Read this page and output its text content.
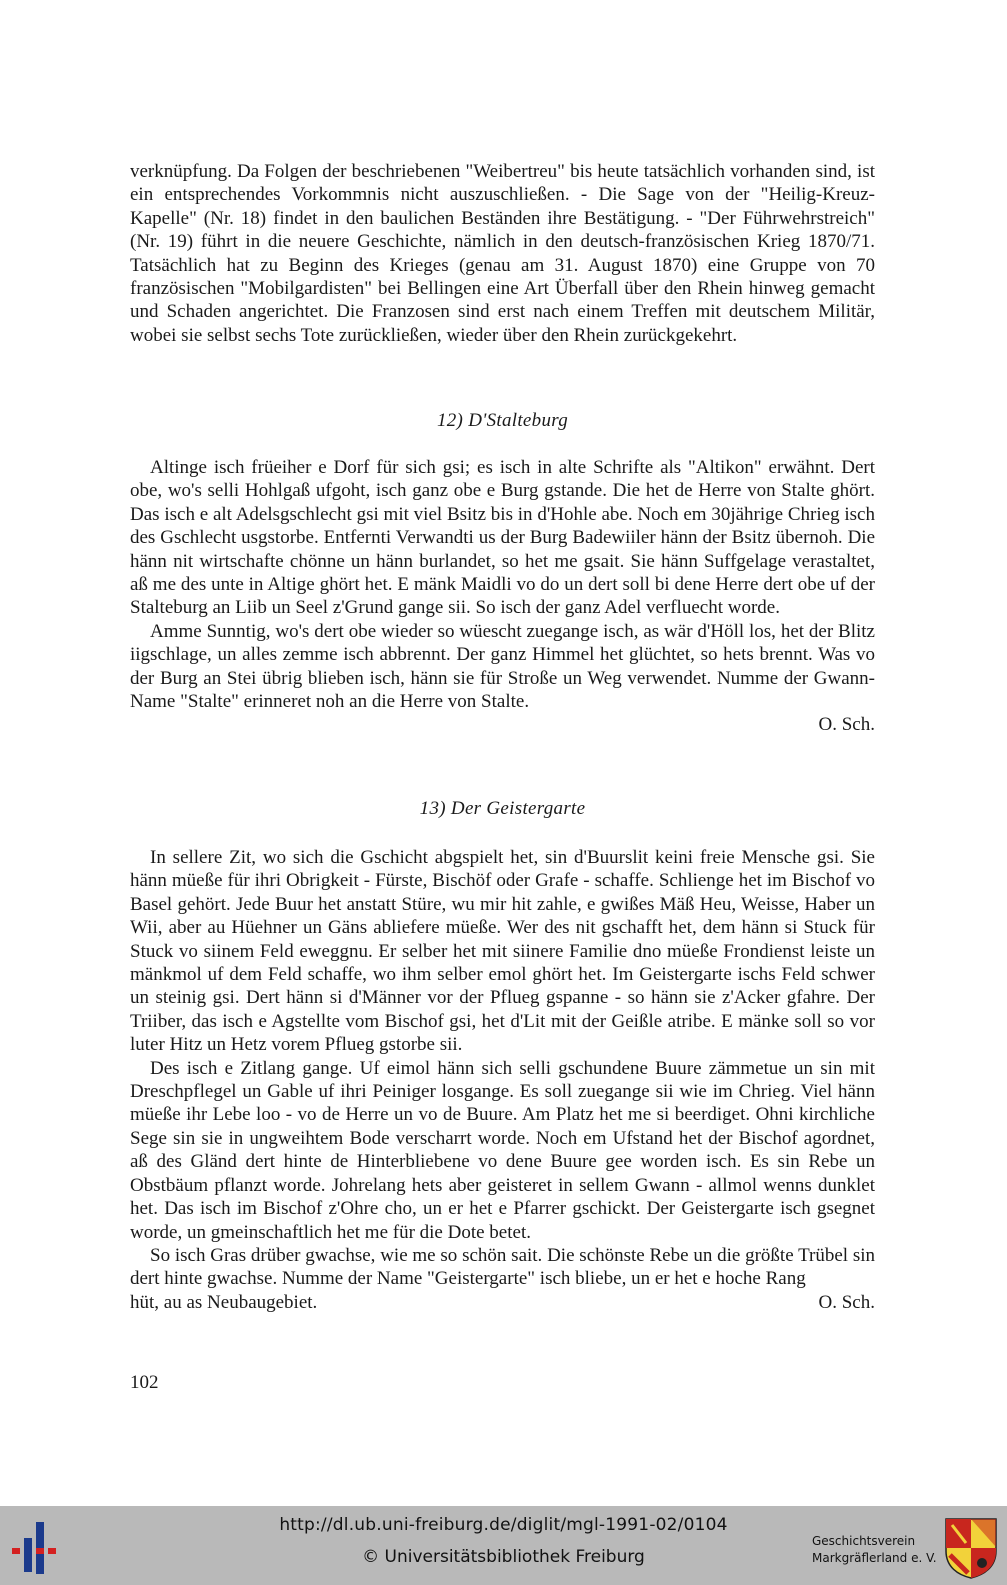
verknüpfung. Da Folgen der beschriebenen "Weibertreu" bis heute tatsächlich vorhanden sind, ist ein entsprechendes Vorkommnis nicht auszuschließen. - Die Sage von der "Heilig-Kreuz-Kapelle" (Nr. 18) findet in den baulichen Beständen ihre Bestätigung. - "Der Führwehrstreich" (Nr. 19) führt in die neuere Geschichte, nämlich in den deutsch-französischen Krieg 1870/71. Tatsächlich hat zu Beginn des Krieges (genau am 31. August 1870) eine Gruppe von 70 französischen "Mobilgardisten" bei Bellingen eine Art Überfall über den Rhein hinweg gemacht und Schaden angerichtet. Die Franzosen sind erst nach einem Treffen mit deutschem Militär, wobei sie selbst sechs Tote zurückließen, wieder über den Rhein zurückgekehrt.

12) D'Stalteburg

Altinge isch früeiher e Dorf für sich gsi; es isch in alte Schrifte als "Altikon" erwähnt. Dert obe, wo's selli Hohlgaß ufgoht, isch ganz obe e Burg gstande. Die het de Herre von Stalte ghört. Das isch e alt Adelsgschlecht gsi mit viel Bsitz bis in d'Hohle abe. Noch em 30jährige Chrieg isch des Gschlecht usgstorbe. Entfernti Verwandti us der Burg Badewiiler hänn der Bsitz übernoh. Die hänn nit wirtschafte chönne un hänn burlandet, so het me gsait. Sie hänn Suffgelage verastaltet, aß me des unte in Altige ghört het. E mänk Maidli vo do un dert soll bi dene Herre dert obe uf der Stalteburg an Liib un Seel z'Grund gange sii. So isch der ganz Adel verfluecht worde.

Amme Sunntig, wo's dert obe wieder so wüescht zuegange isch, as wär d'Höll los, het der Blitz iigschlage, un alles zemme isch abbrennt. Der ganz Himmel het glüchtet, so hets brennt. Was vo der Burg an Stei übrig blieben isch, hänn sie für Stroße un Weg verwendet. Numme der Gwann-Name "Stalte" erinneret noh an die Herre von Stalte.

O. Sch.

13) Der Geistergarte

In sellere Zit, wo sich die Gschicht abgspielt het, sin d'Buurslit keini freie Mensche gsi. Sie hänn müeße für ihri Obrigkeit - Fürste, Bischöf oder Grafe - schaffe. Schlienge het im Bischof vo Basel gehört. Jede Buur het anstatt Stüre, wu mir hit zahle, e gwißes Mäß Heu, Weisse, Haber un Wii, aber au Hüehner un Gäns abliefere müeße. Wer des nit gschafft het, dem hänn si Stuck für Stuck vo siinem Feld eweggnu. Er selber het mit siinere Familie dno müeße Frondienst leiste un mänkmol uf dem Feld schaffe, wo ihm selber emol ghört het. Im Geistergarte ischs Feld schwer un steinig gsi. Dert hänn si d'Männer vor der Pflueg gspanne - so hänn sie z'Acker gfahre. Der Triiber, das isch e Agstellte vom Bischof gsi, het d'Lit mit der Geißle atribe. E mänke soll so vor luter Hitz un Hetz vorem Pflueg gstorbe sii.

Des isch e Zitlang gange. Uf eimol hänn sich selli gschundene Buure zämmetue un sin mit Dreschpflegel un Gable uf ihri Peiniger losgange. Es soll zuegange sii wie im Chrieg. Viel hänn müeße ihr Lebe loo - vo de Herre un vo de Buure. Am Platz het me si beerdiget. Ohni kirchliche Sege sin sie in ungweihtem Bode verscharrt worde. Noch em Ufstand het der Bischof agordnet, aß des Gländ dert hinte de Hinterbliebene vo dene Buure gee worden isch. Es sin Rebe un Obstbäum pflanzt worde. Johrelang hets aber geisteret in sellem Gwann - allmol wenns dunklet het. Das isch im Bischof z'Ohre cho, un er het e Pfarrer gschickt. Der Geistergarte isch gsegnet worde, un gmeinschaftlich het me für die Dote betet.

So isch Gras drüber gwachse, wie me so schön sait. Die schönste Rebe un die größte Trübel sin dert hinte gwachse. Numme der Name "Geistergarte" isch bliebe, un er het e hoche Rang

hüt, au as Neubaugebiet.	O. Sch.
102
http://dl.ub.uni-freiburg.de/diglit/mgl-1991-02/0104
© Universitätsbibliothek Freiburg
Geschichtsverein
Markgräflerland e. V.
